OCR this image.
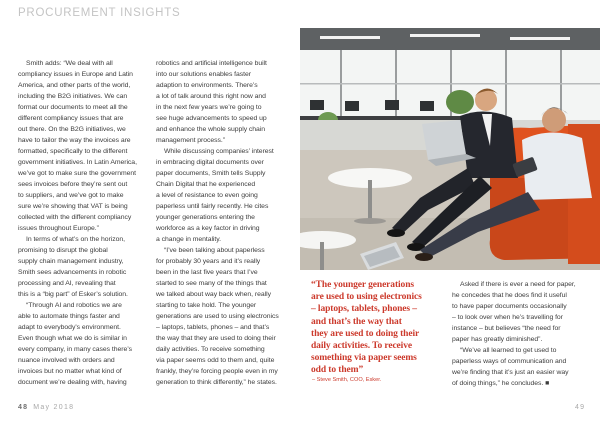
PROCUREMENT INSIGHTS
Smith adds: “We deal with all
compliancy issues in Europe and Latin
America, and other parts of the world,
including the B2G initiatives. We can
format our documents to meet all the
different compliancy issues that are
out there. On the B2G initiatives, we
have to tailor the way the invoices are
formatted, specifically to the different
government initiatives. In Latin America,
we’ve got to make sure the government
sees invoices before they’re sent out
to suppliers, and we’ve got to make
sure we’re showing that VAT is being
collected with the different compliancy
issues throughout Europe.”
In terms of what’s on the horizon,
promising to disrupt the global
supply chain management industry,
Smith sees advancements in robotic
processing and AI, revealing that
this is a “big part” of Esker’s solution.
“Through AI and robotics we are
able to automate things faster and
adapt to everybody’s environment.
Even though what we do is similar in
every company, in many cases there’s
nuance involved with orders and
invoices but no matter what kind of
document we’re dealing with, having
robotics and artificial intelligence built
into our solutions enables faster
adaption to environments. There’s
a lot of talk around this right now and
in the next few years we’re going to
see huge advancements to speed up
and enhance the whole supply chain
management process.”
While discussing companies’ interest
in embracing digital documents over
paper documents, Smith tells Supply
Chain Digital that he experienced
a level of resistance to even going
paperless until fairly recently. He cites
younger generations entering the
workforce as a key factor in driving
a change in mentality.
“I’ve been talking about paperless
for probably 30 years and it’s really
been in the last five years that I’ve
started to see many of the things that
we talked about way back when, really
starting to take hold. The younger
generations are used to using electronics
– laptops, tablets, phones – and that’s
the way that they are used to doing their
daily activities. To receive something
via paper seems odd to them and, quite
frankly, they’re forcing people even in my
generation to think differently,” he states.
“The younger generations
are used to using electronics
– laptops, tablets, phones –
and that’s the way that
they are used to doing their
daily activities. To receive
something via paper seems
odd to them”
– Steve Smith, COO, Esker.
Asked if there is ever a need for paper,
he concedes that he does find it useful
to have paper documents occasionally
– to look over when he’s travelling for
instance – but believes “the need for
paper has greatly diminished”.
“We’ve all learned to get used to
paperless ways of communication and
we’re finding that it’s just an easier way
of doing things,” he concludes. ■
48 May 2018	49
